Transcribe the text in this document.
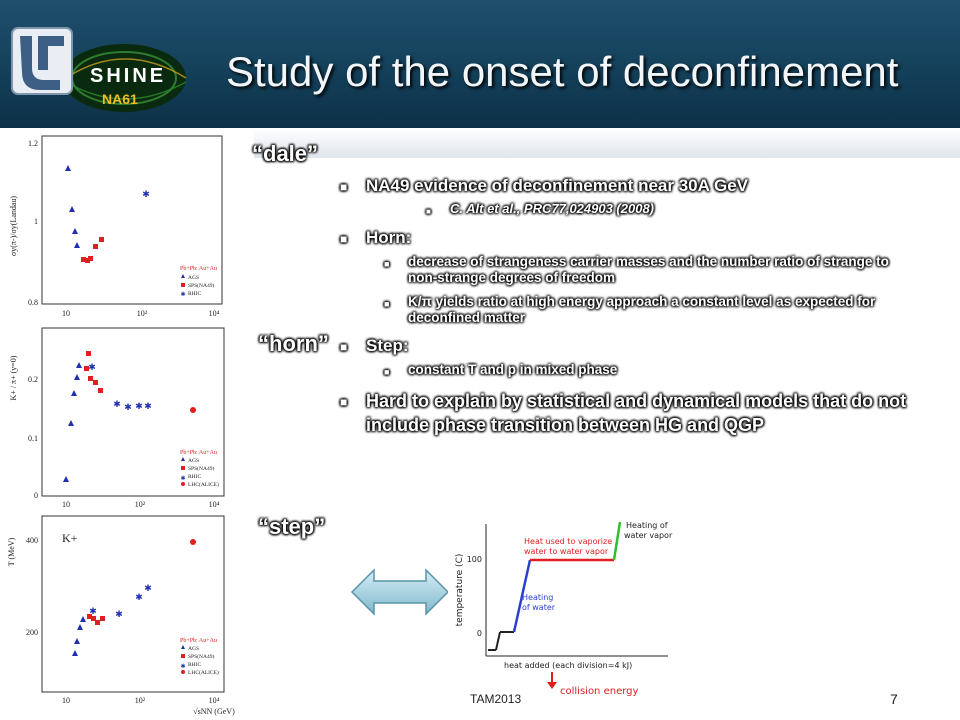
SHINE
NA61
Study of the onset of deconfinement
σy(π-)/σy(Landau)
1.2
1
0.8
10	10²	10⁴
✱
Pb+Pb: Au+Au
AGS
SPS(NA49)
RHIC
✱
K+ / π+ (y=0) 0.2
0.1
0
10	10²	10⁴
✱
✱ ✱ ✱ ✱
Pb+Pb: Au+Au
AGS
SPS(NA49)
RHIC
LHC(ALICE)
✱
T (MeV)	K+
400
200
10	10²	10⁴
√sNN (GeV)
✱ ✱
✱
✱
Pb+Pb: Au+Au
AGS
SPS(NA49)
RHIC
LHC(ALICE)
✱
“dale”
“horn”
“step”
■ NA49 evidence of deconfinement near 30A GeV
■ C. Alt et al., PRC77,024903 (2008)
■ Horn:
■ decrease of strangeness carrier masses and the number ratio of strange to non-strange degrees of freedom
■ K/π yields ratio at high energy approach a constant level as expected for deconfined matter
■ Step:
■ constant T and p in mixed phase
■ Hard to explain by statistical and dynamical models that do not include phase transition between HG and QGP
temperature (C) 100
0
Heat used to vaporize
water to water vapor
Heating
of water
Heating of
water vapor
heat added (each division=4 kJ)
collision energy
TAM2013	7
